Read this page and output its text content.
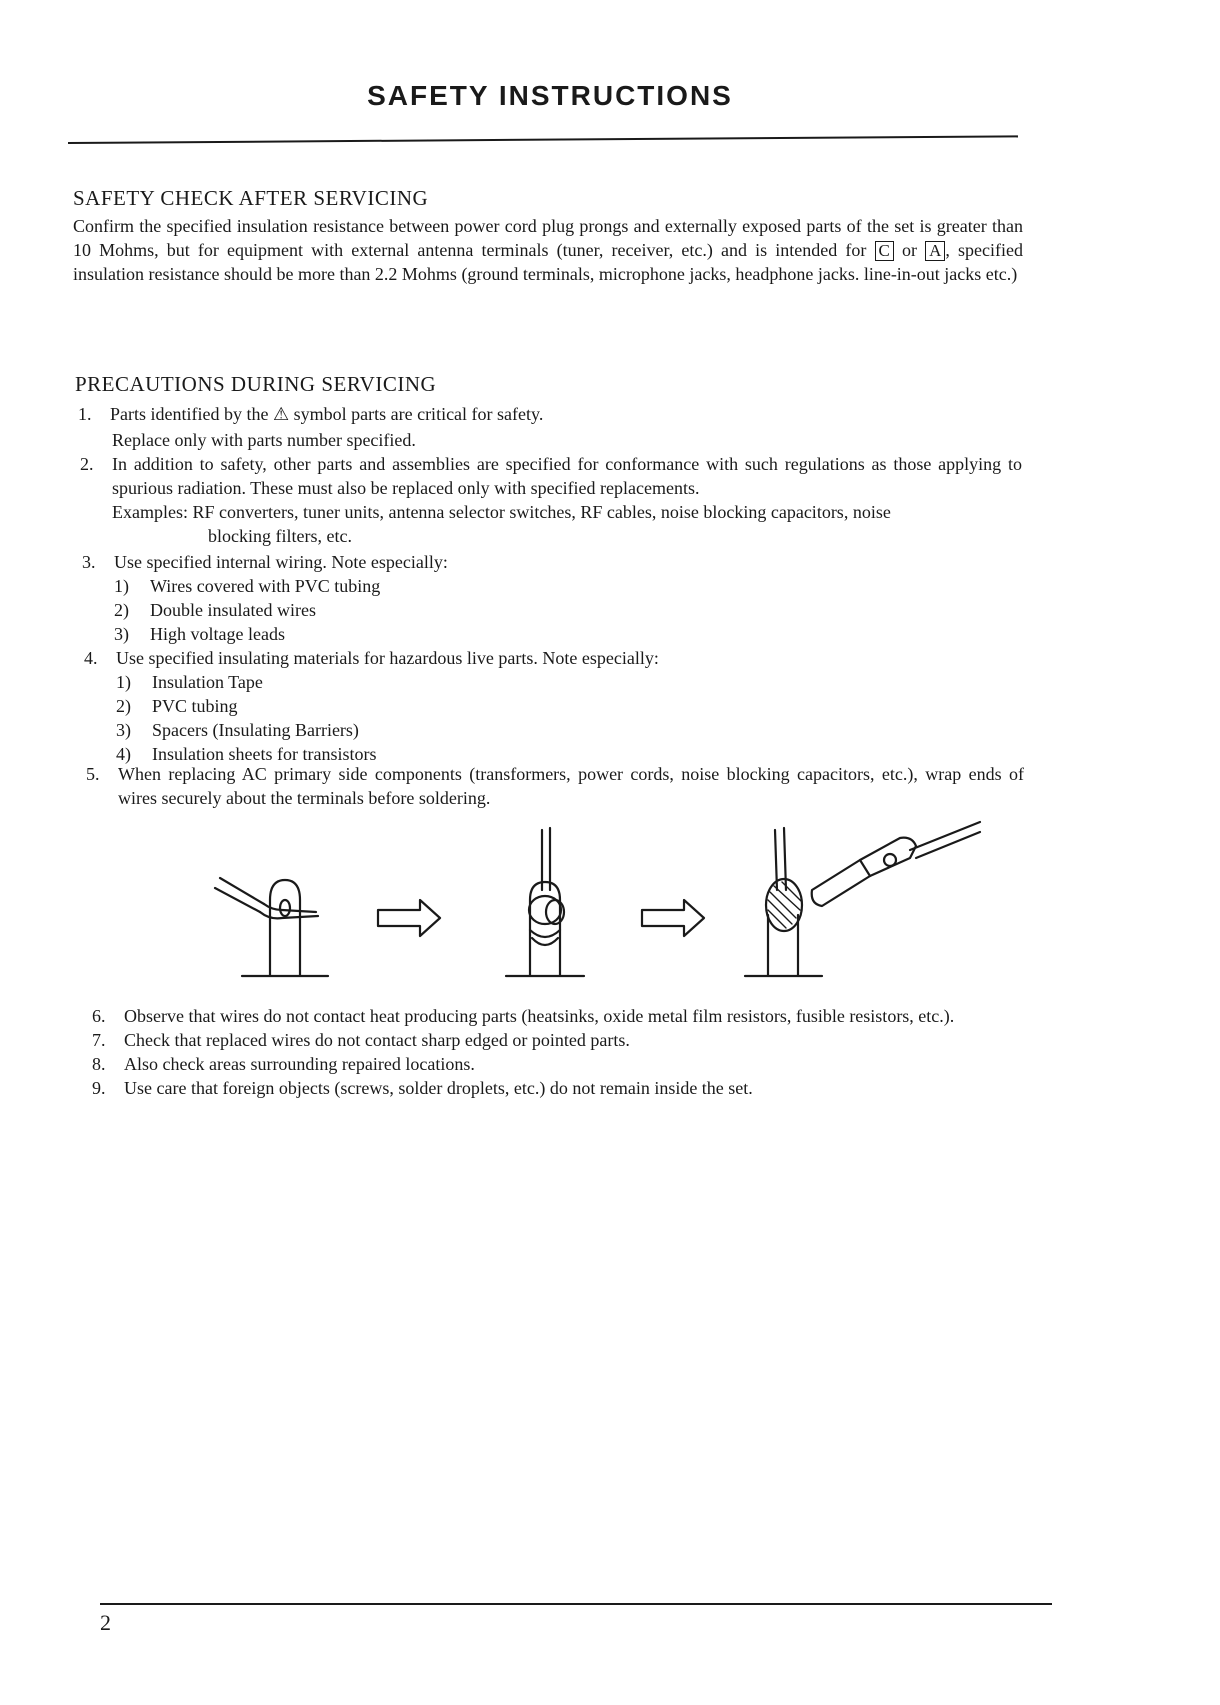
SAFETY INSTRUCTIONS
SAFETY CHECK AFTER SERVICING
Confirm the specified insulation resistance between power cord plug prongs and externally exposed parts of the set is greater than 10 Mohms, but for equipment with external antenna terminals (tuner, receiver, etc.) and is intended for C or A , specified insulation resistance should be more than 2.2 Mohms (ground terminals, microphone jacks, headphone jacks. line-in-out jacks etc.)
PRECAUTIONS DURING SERVICING
1. Parts identified by the ⚠ symbol parts are critical for safety.
Replace only with parts number specified.
2. In addition to safety, other parts and assemblies are specified for conformance with such regulations as those applying to spurious radiation. These must also be replaced only with specified replacements.
Examples: RF converters, tuner units, antenna selector switches, RF cables, noise blocking capacitors, noise
blocking filters, etc.
3. Use specified internal wiring. Note especially:
1) Wires covered with PVC tubing
2) Double insulated wires
3) High voltage leads
4. Use specified insulating materials for hazardous live parts. Note especially:
1) Insulation Tape
2) PVC tubing
3) Spacers (Insulating Barriers)
4) Insulation sheets for transistors
5. When replacing AC primary side components (transformers, power cords, noise blocking capacitors, etc.), wrap ends of wires securely about the terminals before soldering.
6. Observe that wires do not contact heat producing parts (heatsinks, oxide metal film resistors, fusible resistors, etc.).
7. Check that replaced wires do not contact sharp edged or pointed parts.
8. Also check areas surrounding repaired locations.
9. Use care that foreign objects (screws, solder droplets, etc.) do not remain inside the set.
2
